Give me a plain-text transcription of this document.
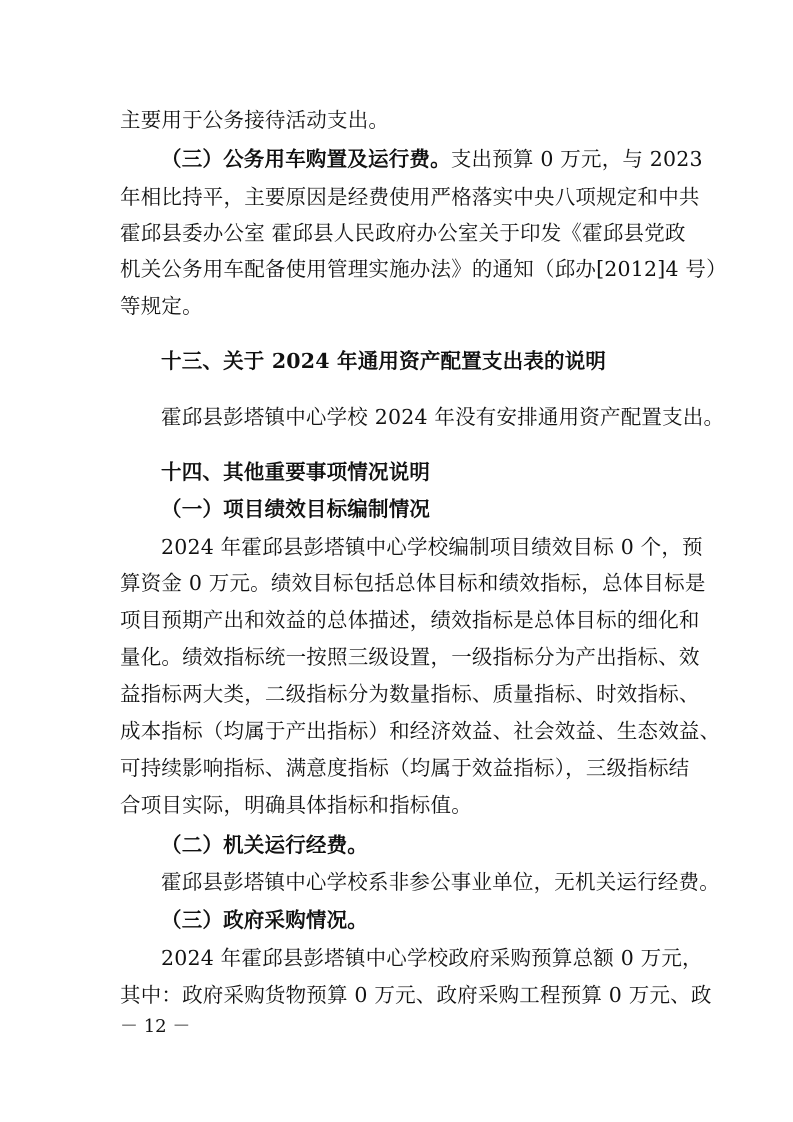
主要用于公务接待活动支出。
（三）公务用车购置及运行费。支出预算 0 万元，与 2023
年相比持平，主要原因是经费使用严格落实中央八项规定和中共
霍邱县委办公室 霍邱县人民政府办公室关于印发《霍邱县党政
机关公务用车配备使用管理实施办法》的通知（邱办[2012]4 号）
等规定。
十三、关于 2024 年通用资产配置支出表的说明
霍邱县彭塔镇中心学校 2024 年没有安排通用资产配置支出。
十四、其他重要事项情况说明
（一）项目绩效目标编制情况
2024 年霍邱县彭塔镇中心学校编制项目绩效目标 0 个，预
算资金 0 万元。绩效目标包括总体目标和绩效指标，总体目标是
项目预期产出和效益的总体描述，绩效指标是总体目标的细化和
量化。绩效指标统一按照三级设置，一级指标分为产出指标、效
益指标两大类，二级指标分为数量指标、质量指标、时效指标、
成本指标（均属于产出指标）和经济效益、社会效益、生态效益、
可持续影响指标、满意度指标（均属于效益指标），三级指标结
合项目实际，明确具体指标和指标值。
（二）机关运行经费。
霍邱县彭塔镇中心学校系非参公事业单位，无机关运行经费。
（三）政府采购情况。
2024 年霍邱县彭塔镇中心学校政府采购预算总额 0 万元，
其中：政府采购货物预算 0 万元、政府采购工程预算 0 万元、政
－ 12 －
